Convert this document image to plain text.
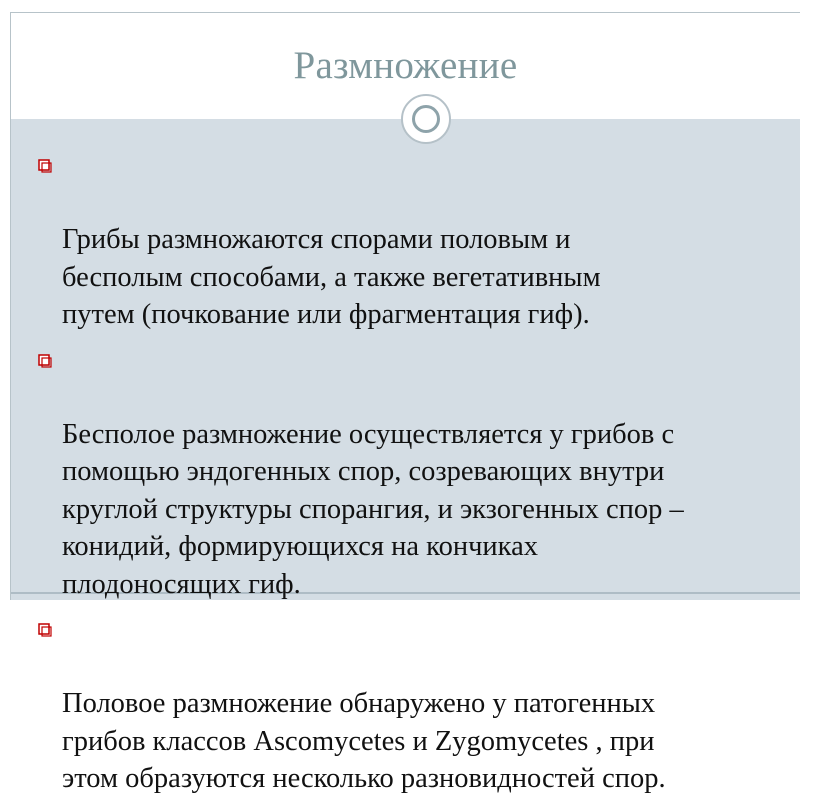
Размножение

Грибы размножаются спорами половым и
бесполым способами, а также вегетативным
путем (почкование или фрагментация гиф).

Бесполое размножение осуществляется у грибов с
помощью эндогенных спор, созревающих внутри
круглой структуры спорангия, и экзогенных спор –
конидий, формирующихся на кончиках
плодоносящих гиф.

Половое размножение обнаружено у патогенных
грибов классов Ascomycetes и Zygomycetes , при
этом образуются несколько разновидностей спор.
